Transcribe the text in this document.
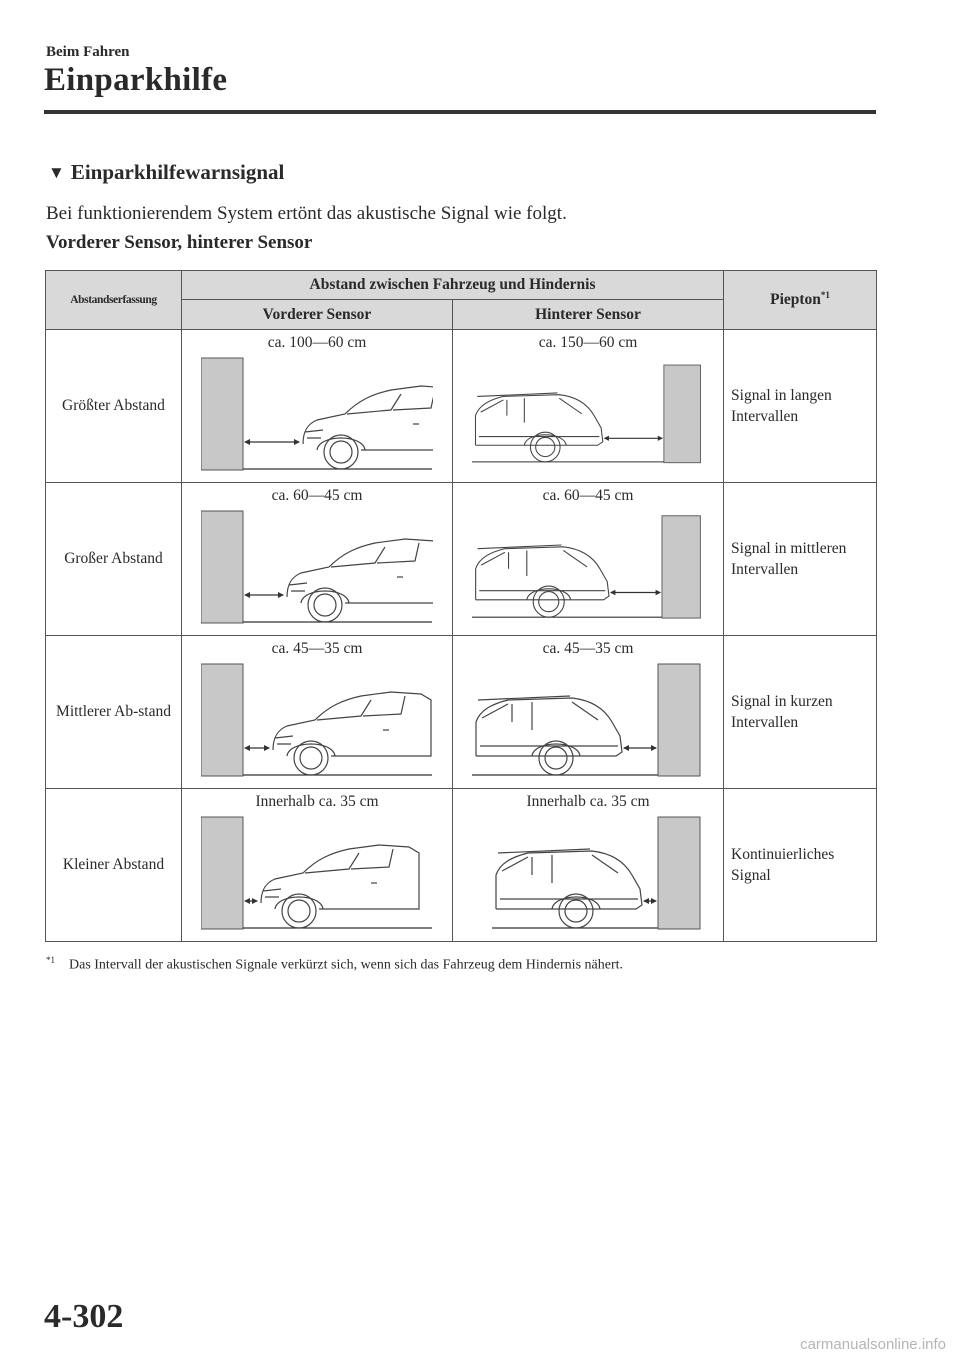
Beim Fahren
Einparkhilfe
▼ Einparkhilfewarnsignal
Bei funktionierendem System ertönt das akustische Signal wie folgt.
Vorderer Sensor, hinterer Sensor
Abstandserfassung	Abstand zwischen Fahrzeug und Hindernis		Piepton$^{*1}$
	Vorderer Sensor	Hinterer Sensor	
Größter Abstand	ca. 100―60 cm	ca. 150―60 cm	Signal in langen Intervallen
Großer Abstand	ca. 60―45 cm	ca. 60―45 cm	Signal in mittleren Intervallen
Mittlerer Ab-stand	ca. 45―35 cm	ca. 45―35 cm	Signal in kurzen Intervallen
Kleiner Abstand	Innerhalb ca. 35 cm	Innerhalb ca. 35 cm	Kontinuierliches Signal
$^{*1}$ Das Intervall der akustischen Signale verkürzt sich, wenn sich das Fahrzeug dem Hindernis nähert.
4-302
carmanualsonline.info
